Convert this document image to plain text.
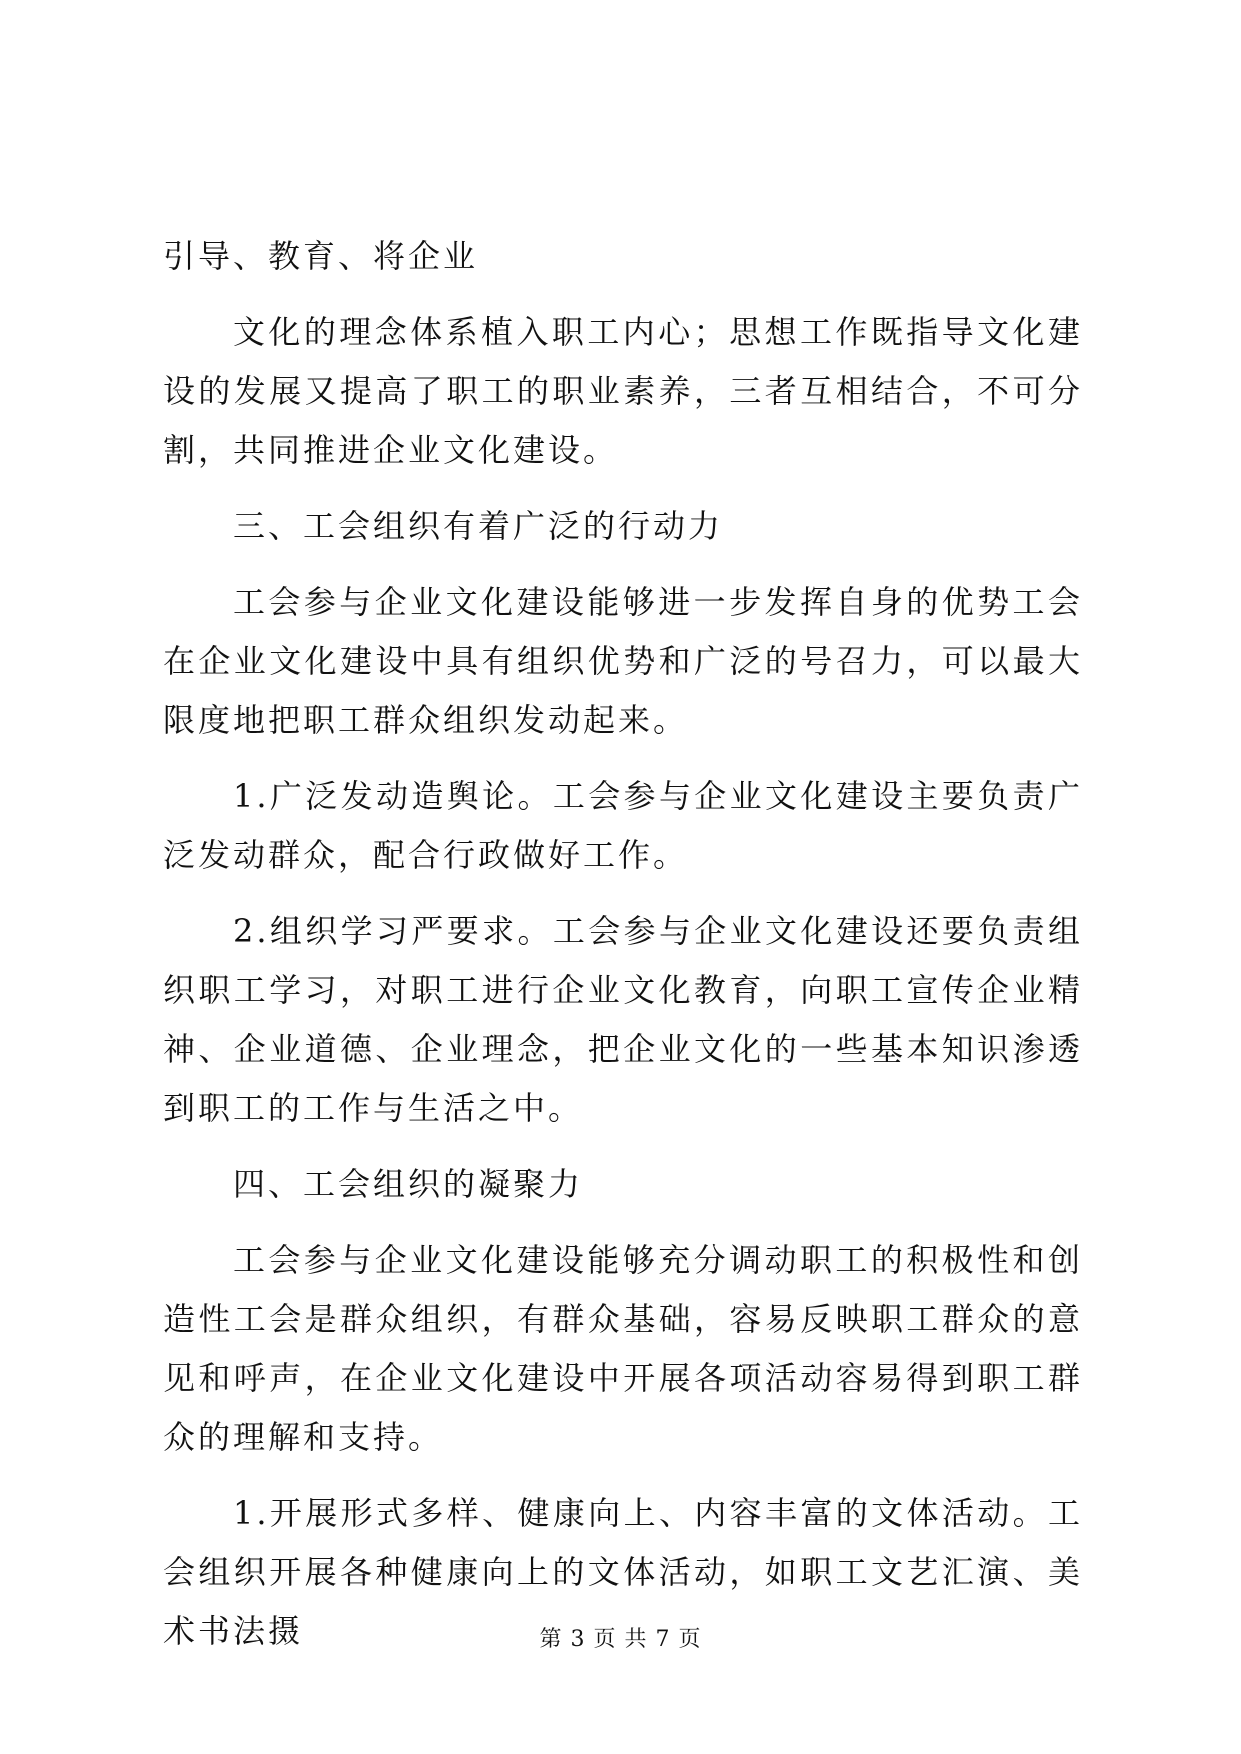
引导、教育、将企业

文化的理念体系植入职工内心；思想工作既指导文化建设的发展又提高了职工的职业素养，三者互相结合，不可分割，共同推进企业文化建设。

三、工会组织有着广泛的行动力

工会参与企业文化建设能够进一步发挥自身的优势工会在企业文化建设中具有组织优势和广泛的号召力，可以最大限度地把职工群众组织发动起来。

1.广泛发动造舆论。工会参与企业文化建设主要负责广泛发动群众，配合行政做好工作。

2.组织学习严要求。工会参与企业文化建设还要负责组织职工学习，对职工进行企业文化教育，向职工宣传企业精神、企业道德、企业理念，把企业文化的一些基本知识渗透到职工的工作与生活之中。

四、工会组织的凝聚力

工会参与企业文化建设能够充分调动职工的积极性和创造性工会是群众组织，有群众基础，容易反映职工群众的意见和呼声，在企业文化建设中开展各项活动容易得到职工群众的理解和支持。

1.开展形式多样、健康向上、内容丰富的文体活动。工会组织开展各种健康向上的文体活动，如职工文艺汇演、美术书法摄	第 3 页 共 7 页
